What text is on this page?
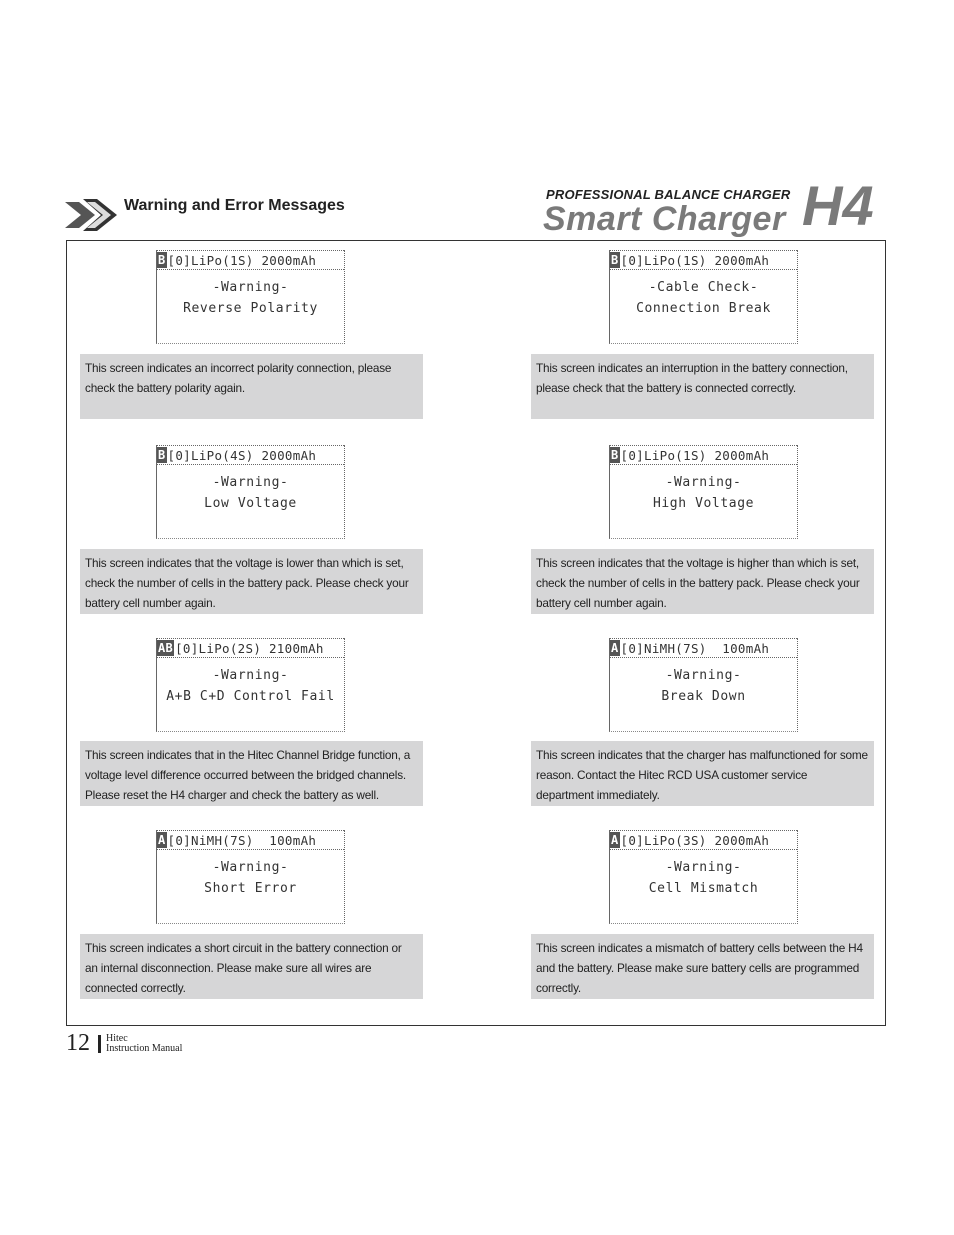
Warning and Error Messages
PROFESSIONAL BALANCE CHARGER
Smart Charger H4
B [0]LiPo(1S) 2000mAh
-Warning-
Reverse Polarity
This screen indicates an incorrect polarity connection, please check the battery polarity again.
B [0]LiPo(1S) 2000mAh
-Cable Check-
Connection Break
This screen indicates an interruption in the battery connection, please check that the battery is connected correctly.
B [0]LiPo(4S) 2000mAh
-Warning-
Low Voltage
This screen indicates that the voltage is lower than which is set, check the number of cells in the battery pack. Please check your battery cell number again.
B [0]LiPo(1S) 2000mAh
-Warning-
High Voltage
This screen indicates that the voltage is higher than which is set, check the number of cells in the battery pack. Please check your battery cell number again.
AB [0]LiPo(2S) 2100mAh
-Warning-
A+B C+D Control Fail
This screen indicates that in the Hitec Channel Bridge function, a voltage level difference occurred between the bridged channels. Please reset the H4 charger and check the battery as well.
A [0]NiMH(7S)  100mAh
-Warning-
Break Down
This screen indicates that the charger has malfunctioned for some reason. Contact the Hitec RCD USA customer service department immediately.
A [0]NiMH(7S)  100mAh
-Warning-
Short Error
This screen indicates a short circuit in the battery connection or an internal disconnection. Please make sure all wires are connected correctly.
A [0]LiPo(3S) 2000mAh
-Warning-
Cell Mismatch
This screen indicates a mismatch of battery cells between the H4 and the battery. Please make sure battery cells are programmed correctly.
12 Hitec
Instruction Manual
